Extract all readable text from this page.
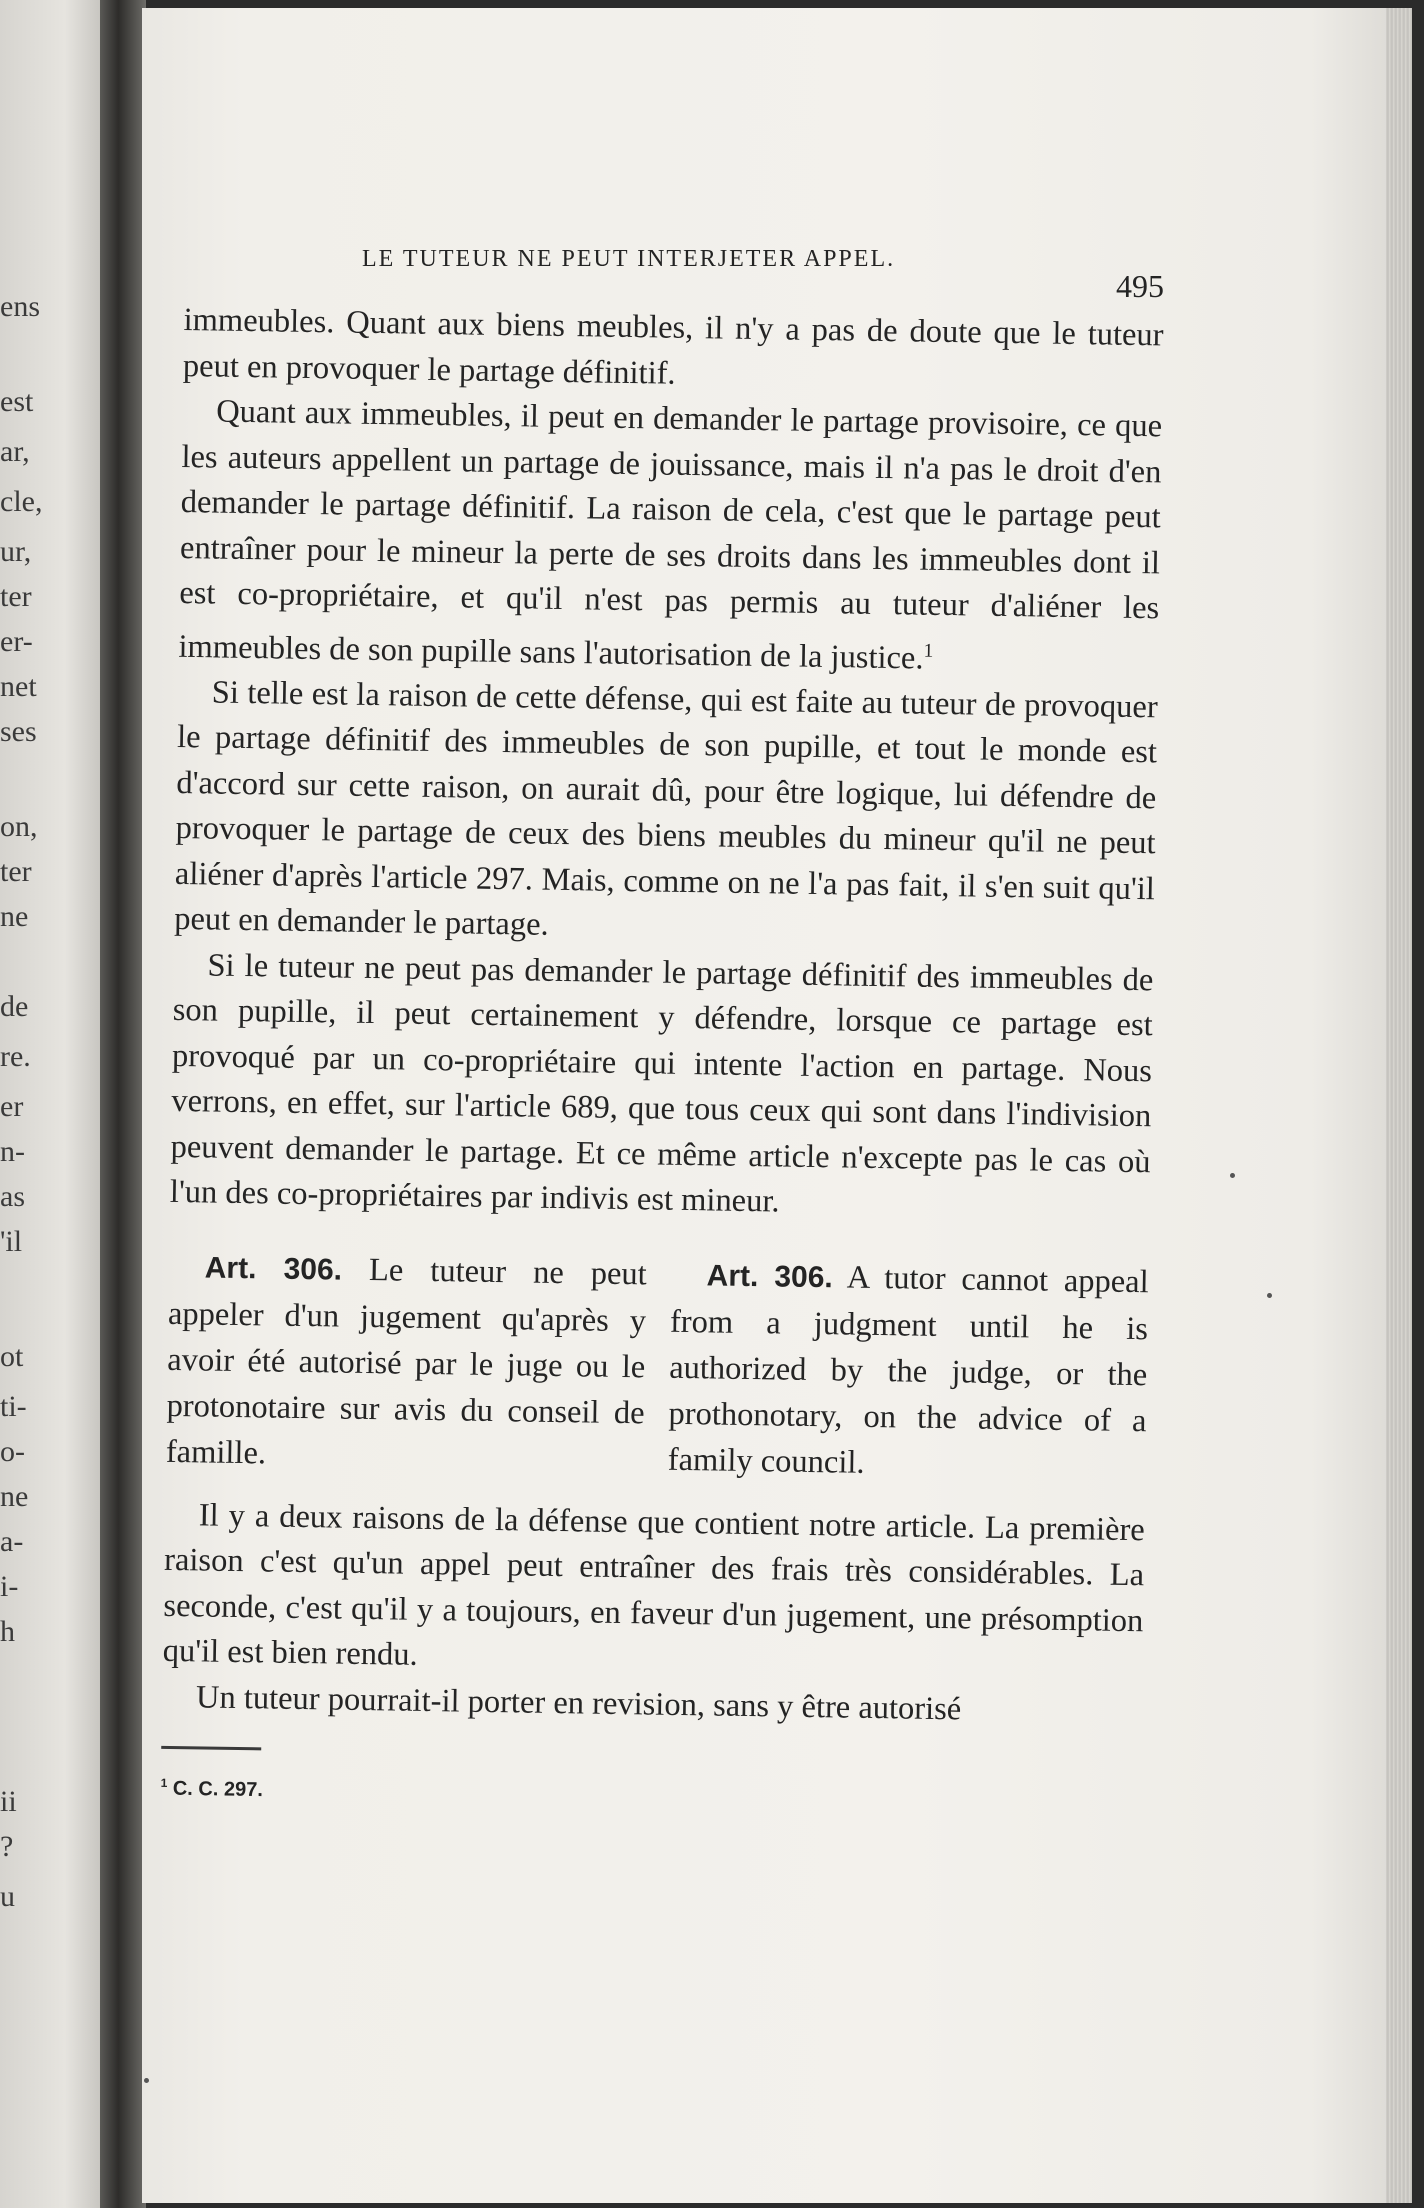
ens
est
ar,
cle,
ur,
ter
er-
net
ses
on,
ter
ne
de
re.
er
n-
as
'il
ot
ti-
o-
ne
a-
i-
h
ii
?
u
LE TUTEUR NE PEUT INTERJETER APPEL.
495

immeubles. Quant aux biens meubles, il n'y a pas de doute que le tuteur peut en provoquer le partage définitif.

Quant aux immeubles, il peut en demander le partage provisoire, ce que les auteurs appellent un partage de jouissance, mais il n'a pas le droit d'en demander le partage définitif. La raison de cela, c'est que le partage peut entraîner pour le mineur la perte de ses droits dans les immeubles dont il est co-propriétaire, et qu'il n'est pas permis au tuteur d'aliéner les immeubles de son pupille sans l'autorisation de la justice.$^1$

Si telle est la raison de cette défense, qui est faite au tuteur de provoquer le partage définitif des immeubles de son pupille, et tout le monde est d'accord sur cette raison, on aurait dû, pour être logique, lui défendre de provoquer le partage de ceux des biens meubles du mineur qu'il ne peut aliéner d'après l'article 297. Mais, comme on ne l'a pas fait, il s'en suit qu'il peut en demander le partage.

Si le tuteur ne peut pas demander le partage définitif des immeubles de son pupille, il peut certainement y défendre, lorsque ce partage est provoqué par un co-propriétaire qui intente l'action en partage. Nous verrons, en effet, sur l'article 689, que tous ceux qui sont dans l'indivision peuvent demander le partage. Et ce même article n'excepte pas le cas où l'un des co-propriétaires par indivis est mineur.

Art. 306. Le tuteur ne peut appeler d'un jugement qu'après y avoir été autorisé par le juge ou le protonotaire sur avis du conseil de famille.

Art. 306. A tutor cannot appeal from a judgment until he is authorized by the judge, or the prothonotary, on the advice of a family council.

Il y a deux raisons de la défense que contient notre article. La première raison c'est qu'un appel peut entraîner des frais très considérables. La seconde, c'est qu'il y a toujours, en faveur d'un jugement, une présomption qu'il est bien rendu.

Un tuteur pourrait-il porter en revision, sans y être autorisé

$^1$ C. C. 297.
